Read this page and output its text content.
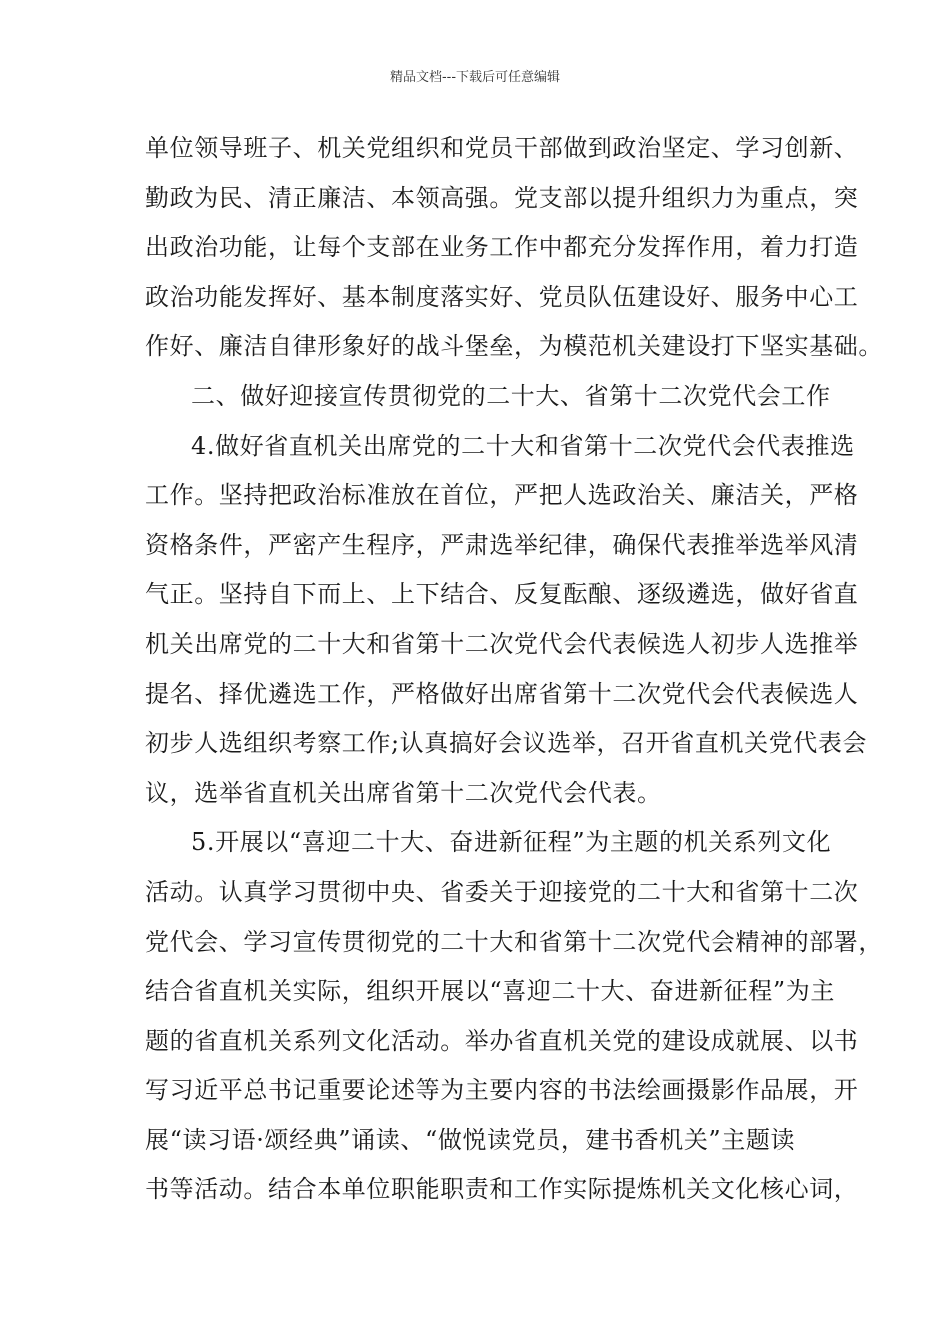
精品文档---下载后可任意编辑
单位领导班子、机关党组织和党员干部做到政治坚定、学习创新、
勤政为民、清正廉洁、本领高强。党支部以提升组织力为重点，突
出政治功能，让每个支部在业务工作中都充分发挥作用，着力打造
政治功能发挥好、基本制度落实好、党员队伍建设好、服务中心工
作好、廉洁自律形象好的战斗堡垒，为模范机关建设打下坚实基础。
二、做好迎接宣传贯彻党的二十大、省第十二次党代会工作
4.做好省直机关出席党的二十大和省第十二次党代会代表推选
工作。坚持把政治标准放在首位，严把人选政治关、廉洁关，严格
资格条件，严密产生程序，严肃选举纪律，确保代表推举选举风清
气正。坚持自下而上、上下结合、反复酝酿、逐级遴选，做好省直
机关出席党的二十大和省第十二次党代会代表候选人初步人选推举
提名、择优遴选工作，严格做好出席省第十二次党代会代表候选人
初步人选组织考察工作;认真搞好会议选举，召开省直机关党代表会
议，选举省直机关出席省第十二次党代会代表。
5.开展以“喜迎二十大、奋进新征程”为主题的机关系列文化
活动。认真学习贯彻中央、省委关于迎接党的二十大和省第十二次
党代会、学习宣传贯彻党的二十大和省第十二次党代会精神的部署，
结合省直机关实际，组织开展以“喜迎二十大、奋进新征程”为主
题的省直机关系列文化活动。举办省直机关党的建设成就展、以书
写习近平总书记重要论述等为主要内容的书法绘画摄影作品展，开
展“读习语·颂经典”诵读、“做悦读党员，建书香机关”主题读
书等活动。结合本单位职能职责和工作实际提炼机关文化核心词，
